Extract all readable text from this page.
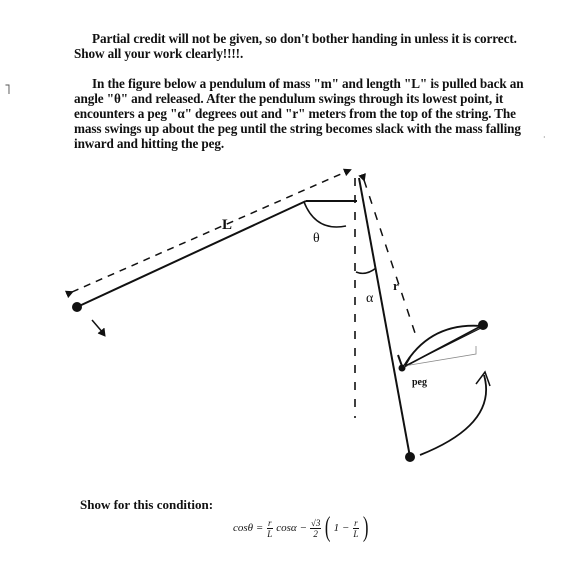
Partial credit will not be given, so don't bother handing in unless it is correct.
Show all your work clearly!!!!.
In the figure below a pendulum of mass "m" and length "L" is pulled back an
angle "θ" and released. After the pendulum swings through its lowest point, it
encounters a peg "α" degrees out and "r" meters from the top of the string. The
mass swings up about the peg until the string becomes slack with the mass falling
inward and hitting the peg.
˥
·
L
θ
α
r
peg
Show for this condition:
$\cos\theta = \frac{r}{L}$ $\cos\alpha - \frac{√3}{2}$ ( $1 - \frac{r}{L}$ )
